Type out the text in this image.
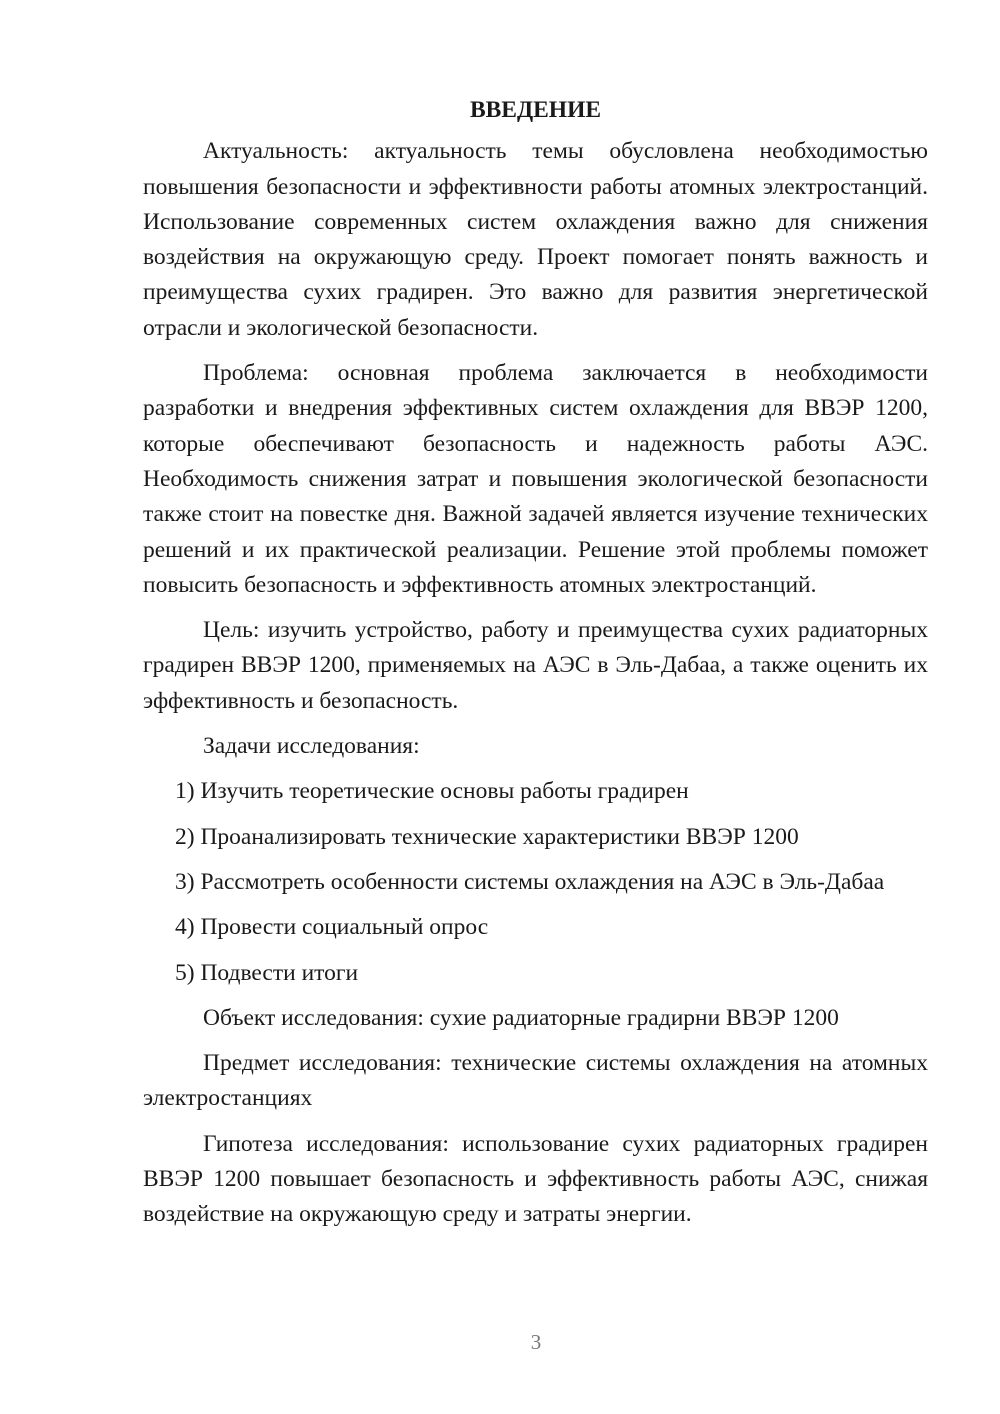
ВВЕДЕНИЕ

Актуальность: актуальность темы обусловлена необходимостью повышения безопасности и эффективности работы атомных электростанций. Использование современных систем охлаждения важно для снижения воздействия на окружающую среду. Проект помогает понять важность и преимущества сухих градирен. Это важно для развития энергетической отрасли и экологической безопасности.

Проблема: основная проблема заключается в необходимости разработки и внедрения эффективных систем охлаждения для ВВЭР 1200, которые обеспечивают безопасность и надежность работы АЭС. Необходимость снижения затрат и повышения экологической безопасности также стоит на повестке дня. Важной задачей является изучение технических решений и их практической реализации. Решение этой проблемы поможет повысить безопасность и эффективность атомных электростанций.

Цель: изучить устройство, работу и преимущества сухих радиаторных градирен ВВЭР 1200, применяемых на АЭС в Эль-Дабаа, а также оценить их эффективность и безопасность.

Задачи исследования:

1) Изучить теоретические основы работы градирен
2) Проанализировать технические характеристики ВВЭР 1200
3) Рассмотреть особенности системы охлаждения на АЭС в Эль-Дабаа
4) Провести социальный опрос
5) Подвести итоги

Объект исследования: сухие радиаторные градирни ВВЭР 1200

Предмет исследования: технические системы охлаждения на атомных электростанциях

Гипотеза исследования: использование сухих радиаторных градирен ВВЭР 1200 повышает безопасность и эффективность работы АЭС, снижая воздействие на окружающую среду и затраты энергии.

3
